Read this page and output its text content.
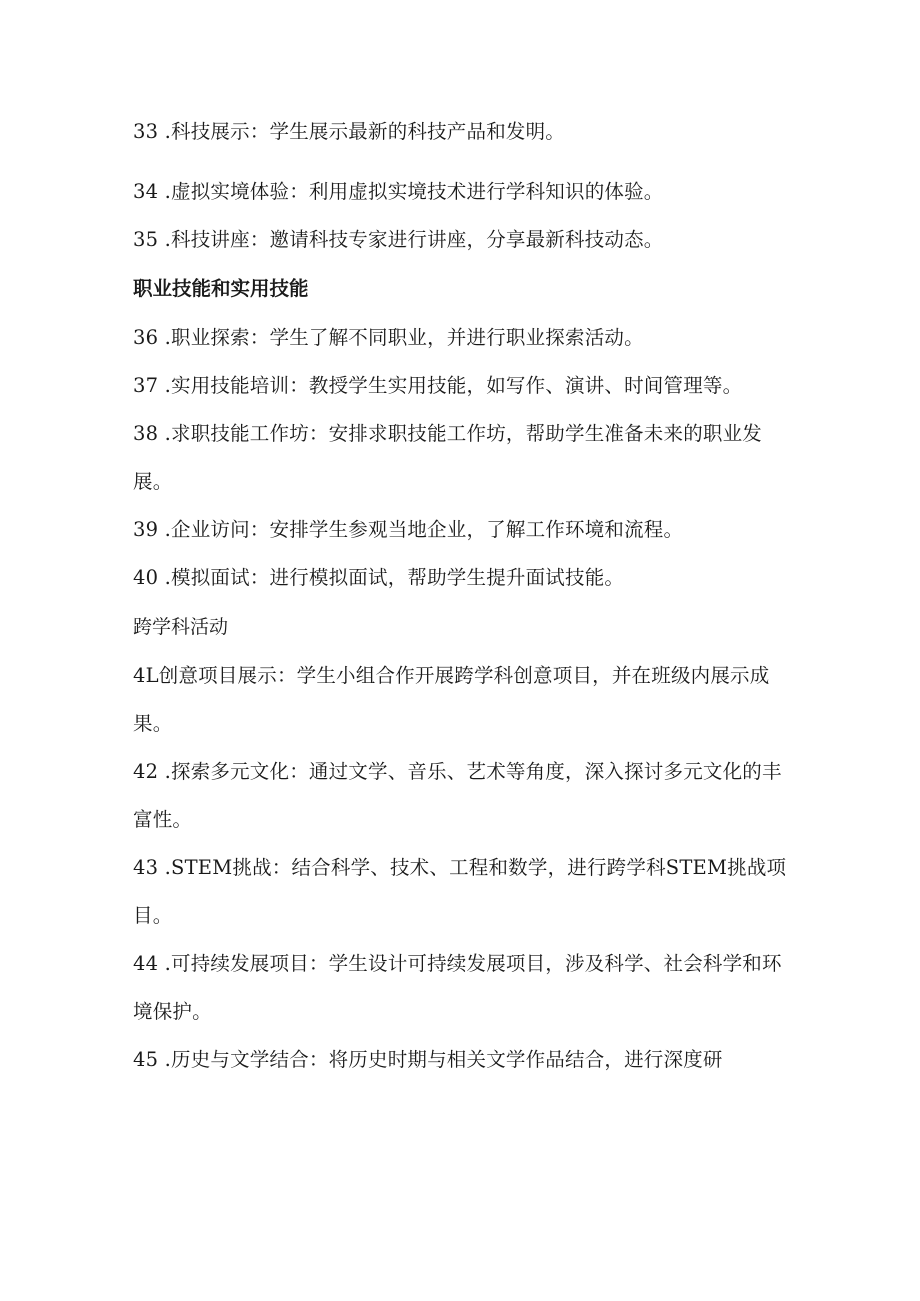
33 .科技展示：学生展示最新的科技产品和发明。

34 .虚拟实境体验：利用虚拟实境技术进行学科知识的体验。

35 .科技讲座：邀请科技专家进行讲座，分享最新科技动态。

职业技能和实用技能

36 .职业探索：学生了解不同职业，并进行职业探索活动。

37 .实用技能培训：教授学生实用技能，如写作、演讲、时间管理等。

38 .求职技能工作坊：安排求职技能工作坊，帮助学生准备未来的职业发展。

39 .企业访问：安排学生参观当地企业，了解工作环境和流程。

40 .模拟面试：进行模拟面试，帮助学生提升面试技能。

跨学科活动

4L创意项目展示：学生小组合作开展跨学科创意项目，并在班级内展示成果。

42 .探索多元文化：通过文学、音乐、艺术等角度，深入探讨多元文化的丰富性。

43 .STEM挑战：结合科学、技术、工程和数学，进行跨学科STEM挑战项目。

44 .可持续发展项目：学生设计可持续发展项目，涉及科学、社会科学和环境保护。

45 .历史与文学结合：将历史时期与相关文学作品结合，进行深度研
